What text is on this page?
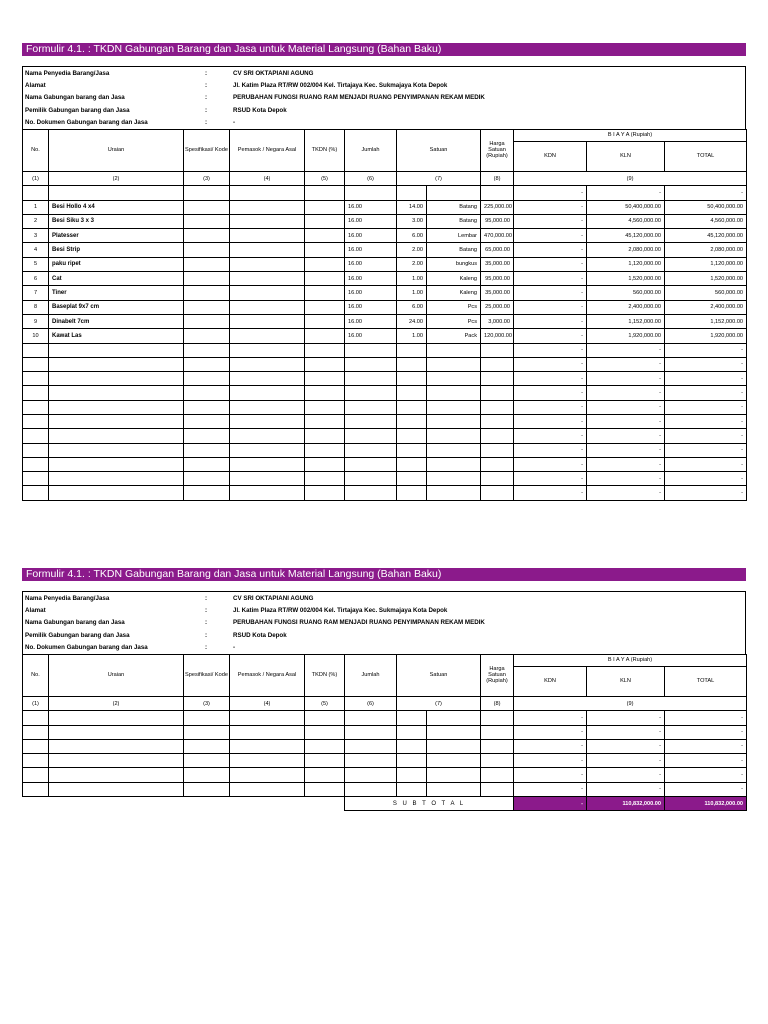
Formulir 4.1. : TKDN Gabungan Barang dan Jasa untuk Material Langsung (Bahan Baku)
Nama Penyedia Barang/Jasa	:	CV SRI OKTAPIANI AGUNG
Alamat	:	Jl. Katim Plaza RT/RW 002/004 Kel. Tirtajaya Kec. Sukmajaya Kota Depok
Nama Gabungan barang dan Jasa	:	PERUBAHAN FUNGSI RUANG RAM MENJADI RUANG PENYIMPANAN REKAM MEDIK
Pemilik Gabungan barang dan Jasa	:	RSUD Kota Depok
No. Dokumen Gabungan barang dan Jasa	:	-
No.	Uraian	Spesifikasi/ Kode	Pemasok / Negara Asal	TKDN (%)	Jumlah	Satuan		Harga Satuan (Rupiah)	B I A Y A (Rupiah)		
									KDN	KLN	TOTAL
(1)	(2)	(3)	(4)	(5)	(6)	(7)		(8)	(9)		
									-	-	-
1	Besi Hollo 4 x4				16.00	14.00	Batang	225,000.00	-	50,400,000.00	50,400,000.00
2	Besi Siku 3 x 3				16.00	3.00	Batang	95,000.00	-	4,560,000.00	4,560,000.00
3	Platesser				16.00	6.00	Lembar	470,000.00	-	45,120,000.00	45,120,000.00
4	Besi Strip				16.00	2.00	Batang	65,000.00	-	2,080,000.00	2,080,000.00
5	paku ripet				16.00	2.00	bungkus	35,000.00	-	1,120,000.00	1,120,000.00
6	Cat				16.00	1.00	Kaleng	95,000.00	-	1,520,000.00	1,520,000.00
7	Tiner				16.00	1.00	Kaleng	35,000.00	-	560,000.00	560,000.00
8	Baseplat 9x7 cm				16.00	6.00	Pcs	25,000.00	-	2,400,000.00	2,400,000.00
9	Dinabelt 7cm				16.00	24.00	Pcs	3,000.00	-	1,152,000.00	1,152,000.00
10	Kawat Las				16.00	1.00	Pack	120,000.00	-	1,920,000.00	1,920,000.00
									-	-	-
									-	-	-
									-	-	-
									-	-	-
									-	-	-
									-	-	-
									-	-	-
									-	-	-
									-	-	-
									-	-	-
									-	-	-
Formulir 4.1. : TKDN Gabungan Barang dan Jasa untuk Material Langsung (Bahan Baku)
Nama Penyedia Barang/Jasa	:	CV SRI OKTAPIANI AGUNG
Alamat	:	Jl. Katim Plaza RT/RW 002/004 Kel. Tirtajaya Kec. Sukmajaya Kota Depok
Nama Gabungan barang dan Jasa	:	PERUBAHAN FUNGSI RUANG RAM MENJADI RUANG PENYIMPANAN REKAM MEDIK
Pemilik Gabungan barang dan Jasa	:	RSUD Kota Depok
No. Dokumen Gabungan barang dan Jasa	:	-
No.	Uraian	Spesifikasi/ Kode	Pemasok / Negara Asal	TKDN (%)	Jumlah	Satuan		Harga Satuan (Rupiah)	B I A Y A (Rupiah)		
									KDN	KLN	TOTAL
(1)	(2)	(3)	(4)	(5)	(6)	(7)		(8)	(9)		
									-	-	-
									-	-	-
									-	-	-
									-	-	-
									-	-	-
									-	-	-
					S U B T O T A L				-	110,832,000.00	110,832,000.00
